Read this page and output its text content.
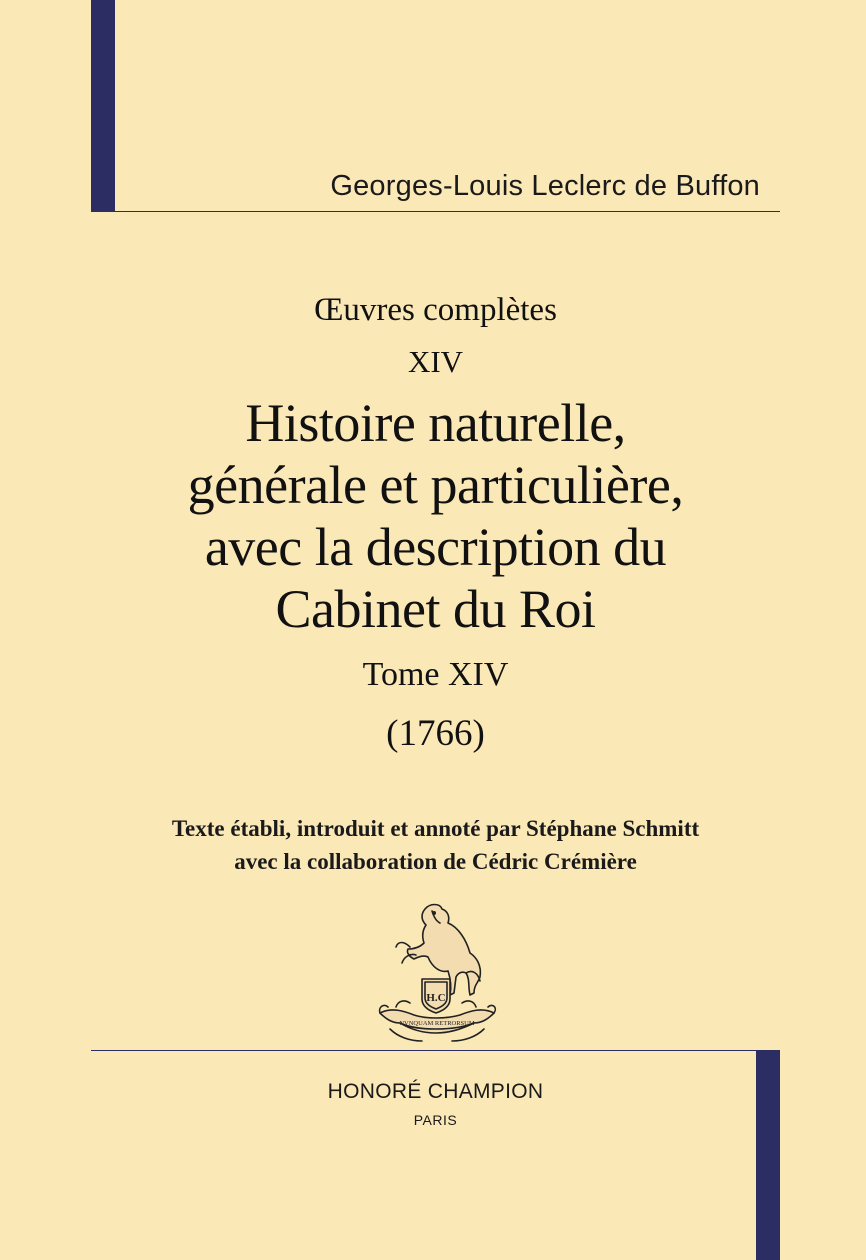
Georges-Louis Leclerc de Buffon
Œuvres complètes
XIV
Histoire naturelle,
générale et particulière,
avec la description du
Cabinet du Roi
Tome XIV
(1766)
Texte établi, introduit et annoté par Stéphane Schmitt
avec la collaboration de Cédric Crémière
H.C
NVNQUAM RETRORSUM
HONORÉ CHAMPION
PARIS
